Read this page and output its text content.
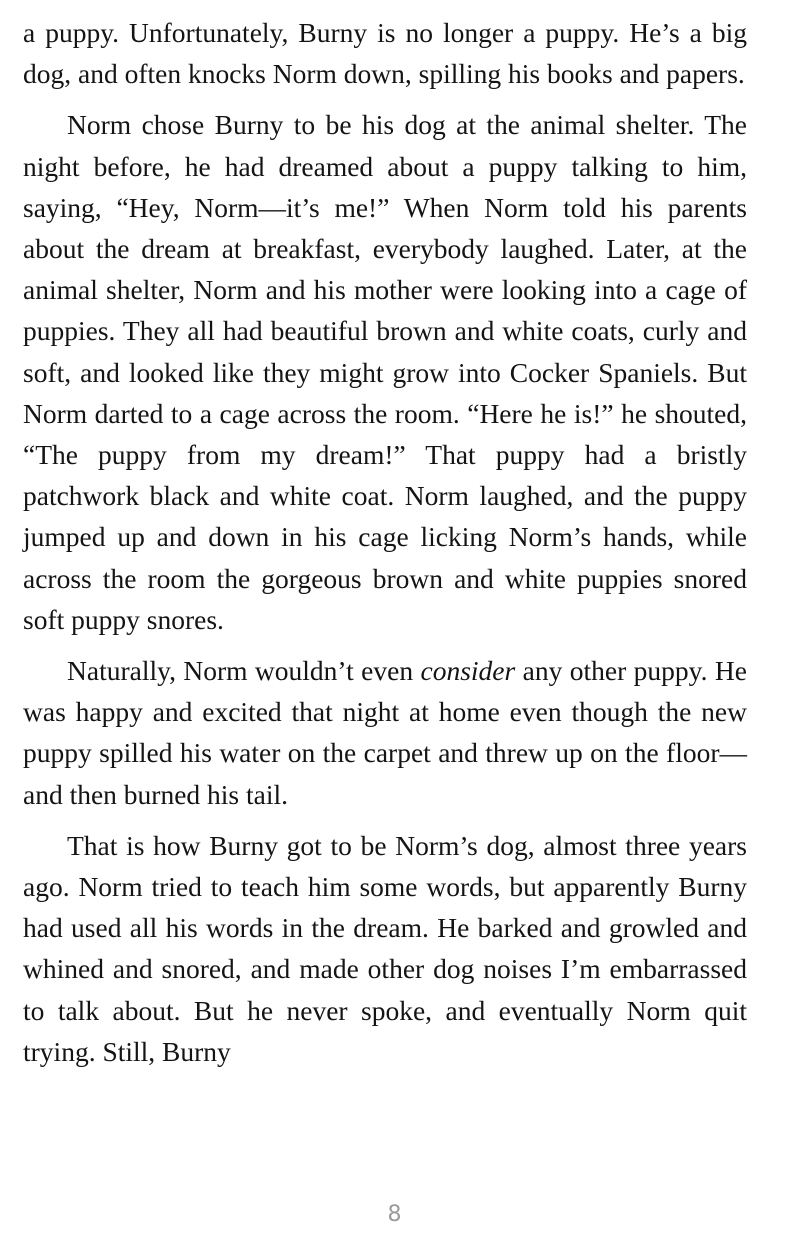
a puppy. Unfortunately, Burny is no longer a puppy. He’s a big dog, and often knocks Norm down, spilling his books and papers.

Norm chose Burny to be his dog at the animal shelter. The night before, he had dreamed about a puppy talking to him, saying, “Hey, Norm—it’s me!” When Norm told his parents about the dream at breakfast, everybody laughed. Later, at the animal shelter, Norm and his mother were looking into a cage of puppies. They all had beautiful brown and white coats, curly and soft, and looked like they might grow into Cocker Spaniels. But Norm darted to a cage across the room. “Here he is!” he shouted, “The puppy from my dream!” That puppy had a bristly patchwork black and white coat. Norm laughed, and the puppy jumped up and down in his cage licking Norm’s hands, while across the room the gorgeous brown and white puppies snored soft puppy snores.

Naturally, Norm wouldn’t even consider any other puppy. He was happy and excited that night at home even though the new puppy spilled his water on the carpet and threw up on the floor—and then burned his tail.

That is how Burny got to be Norm’s dog, almost three years ago. Norm tried to teach him some words, but apparently Burny had used all his words in the dream. He barked and growled and whined and snored, and made other dog noises I’m embarrassed to talk about. But he never spoke, and eventually Norm quit trying. Still, Burny

8
